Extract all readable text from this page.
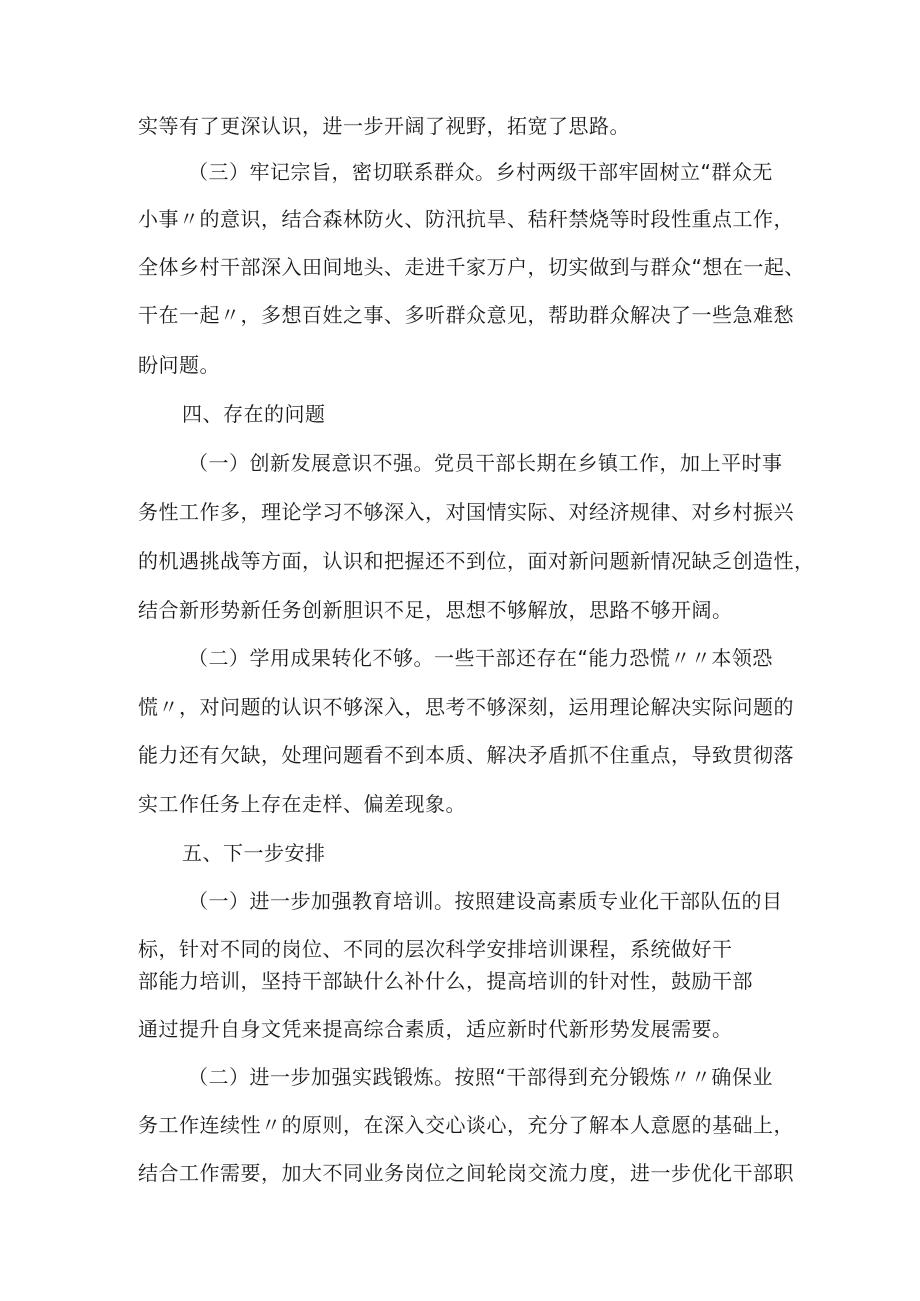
实等有了更深认识，进一步开阔了视野，拓宽了思路。
（三）牢记宗旨，密切联系群众。乡村两级干部牢固树立“群众无
小事〃的意识，结合森林防火、防汛抗旱、秸秆禁烧等时段性重点工作，
全体乡村干部深入田间地头、走进千家万户，切实做到与群众“想在一起、
干在一起〃，多想百姓之事、多听群众意见，帮助群众解决了一些急难愁
盼问题。
四、存在的问题
（一）创新发展意识不强。党员干部长期在乡镇工作，加上平时事
务性工作多，理论学习不够深入，对国情实际、对经济规律、对乡村振兴
的机遇挑战等方面，认识和把握还不到位，面对新问题新情况缺乏创造性，
结合新形势新任务创新胆识不足，思想不够解放，思路不够开阔。
（二）学用成果转化不够。一些干部还存在“能力恐慌〃〃本领恐
慌〃，对问题的认识不够深入，思考不够深刻，运用理论解决实际问题的
能力还有欠缺，处理问题看不到本质、解决矛盾抓不住重点，导致贯彻落
实工作任务上存在走样、偏差现象。
五、下一步安排
（一）进一步加强教育培训。按照建设高素质专业化干部队伍的目
标，针对不同的岗位、不同的层次科学安排培训课程，系统做好干
部能力培训，坚持干部缺什么补什么，提高培训的针对性，鼓励干部
通过提升自身文凭来提高综合素质，适应新时代新形势发展需要。
（二）进一步加强实践锻炼。按照“干部得到充分锻炼〃〃确保业
务工作连续性〃的原则，在深入交心谈心，充分了解本人意愿的基础上，
结合工作需要，加大不同业务岗位之间轮岗交流力度，进一步优化干部职
